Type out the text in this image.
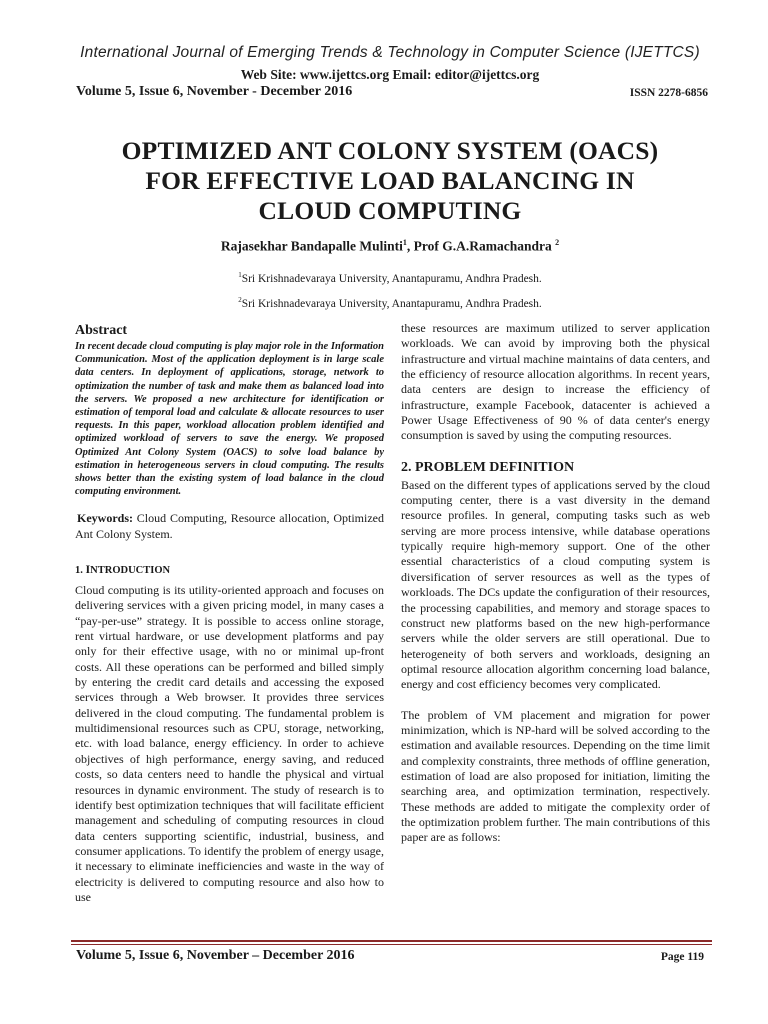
International Journal of Emerging Trends & Technology in Computer Science (IJETTCS)
Web Site: www.ijettcs.org Email: editor@ijettcs.org
Volume 5, Issue 6, November - December 2016	ISSN 2278-6856
OPTIMIZED ANT COLONY SYSTEM (OACS)
FOR EFFECTIVE LOAD BALANCING IN
CLOUD COMPUTING
Rajasekhar Bandapalle Mulinti$^1$, Prof G.A.Ramachandra $^2$
$^1$Sri Krishnadevaraya University, Anantapuramu, Andhra Pradesh.
$^2$Sri Krishnadevaraya University, Anantapuramu, Andhra Pradesh.
Abstract

In recent decade cloud computing is play major role in the Information Communication. Most of the application deployment is in large scale data centers. In deployment of applications, storage, network to optimization the number of task and make them as balanced load into the servers. We proposed a new architecture for identification or estimation of temporal load and calculate & allocate resources to user requests. In this paper, workload allocation problem identified and optimized workload of servers to save the energy. We proposed Optimized Ant Colony System (OACS) to solve load balance by estimation in heterogeneous servers in cloud computing. The results shows better than the existing system of load balance in the cloud computing environment.

Keywords: Cloud Computing, Resource allocation, Optimized Ant Colony System.

1. INTRODUCTION

Cloud computing is its utility-oriented approach and focuses on delivering services with a given pricing model, in many cases a “pay-per-use” strategy. It is possible to access online storage, rent virtual hardware, or use development platforms and pay only for their effective usage, with no or minimal up-front costs. All these operations can be performed and billed simply by entering the credit card details and accessing the exposed services through a Web browser. It provides three services delivered in the cloud computing. The fundamental problem is multidimensional resources such as CPU, storage, networking, etc. with load balance, energy efficiency. In order to achieve objectives of high performance, energy saving, and reduced costs, so data centers need to handle the physical and virtual resources in dynamic environment. The study of research is to identify best optimization techniques that will facilitate efficient management and scheduling of computing resources in cloud data centers supporting scientific, industrial, business, and consumer applications. To identify the problem of energy usage, it necessary to eliminate inefficiencies and waste in the way of electricity is delivered to computing resource and also how to use

these resources are maximum utilized to server application workloads. We can avoid by improving both the physical infrastructure and virtual machine maintains of data centers, and the efficiency of resource allocation algorithms. In recent years, data centers are design to increase the efficiency of infrastructure, example Facebook, datacenter is achieved a Power Usage Effectiveness of 90 % of data center's energy consumption is saved by using the computing resources.

2. PROBLEM DEFINITION

Based on the different types of applications served by the cloud computing center, there is a vast diversity in the demand resource profiles. In general, computing tasks such as web serving are more process intensive, while database operations typically require high-memory support. One of the other essential characteristics of a cloud computing system is diversification of server resources as well as the types of workloads. The DCs update the configuration of their resources, the processing capabilities, and memory and storage spaces to construct new platforms based on the new high-performance servers while the older servers are still operational. Due to heterogeneity of both servers and workloads, designing an optimal resource allocation algorithm concerning load balance, energy and cost efficiency becomes very complicated.

The problem of VM placement and migration for power minimization, which is NP-hard will be solved according to the estimation and available resources. Depending on the time limit and complexity constraints, three methods of offline generation, estimation of load are also proposed for initiation, limiting the searching area, and optimization termination, respectively. These methods are added to mitigate the complexity order of the optimization problem further. The main contributions of this paper are as follows:

Volume 5, Issue 6, November – December 2016	Page 119
